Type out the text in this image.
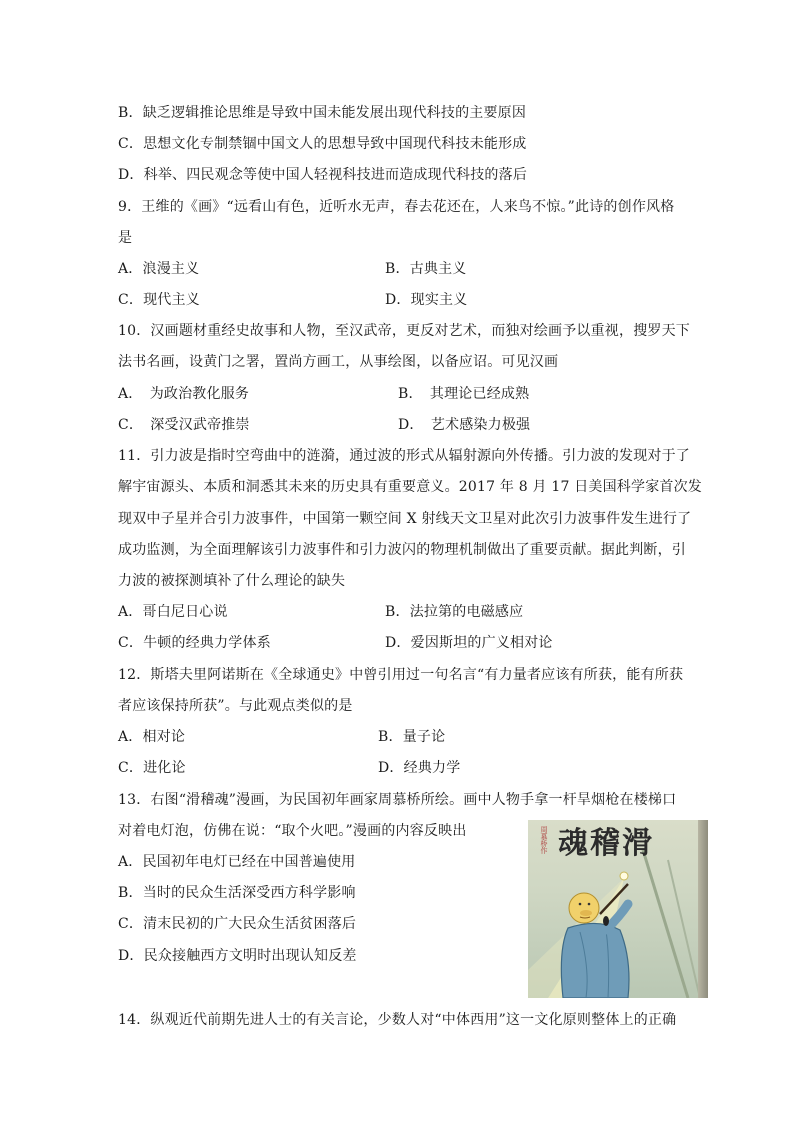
B．缺乏逻辑推论思维是导致中国未能发展出现代科技的主要原因
C．思想文化专制禁锢中国文人的思想导致中国现代科技未能形成
D．科举、四民观念等使中国人轻视科技进而造成现代科技的落后
9．王维的《画》“远看山有色，近听水无声，春去花还在，人来鸟不惊。”此诗的创作风格
是
A．浪漫主义	B．古典主义
C．现代主义	D．现实主义
10．汉画题材重经史故事和人物，至汉武帝，更反对艺术，而独对绘画予以重视，搜罗天下
法书名画，设黄门之署，置尚方画工，从事绘图，以备应诏。可见汉画
A．　为政治教化服务	B．　其理论已经成熟
C．　深受汉武帝推崇	D．　艺术感染力极强
11．引力波是指时空弯曲中的涟漪，通过波的形式从辐射源向外传播。引力波的发现对于了
解宇宙源头、本质和洞悉其未来的历史具有重要意义。2017 年 8 月 17 日美国科学家首次发
现双中子星并合引力波事件，中国第一颗空间 X 射线天文卫星对此次引力波事件发生进行了
成功监测，为全面理解该引力波事件和引力波闪的物理机制做出了重要贡献。据此判断，引
力波的被探测填补了什么理论的缺失
A．哥白尼日心说	B．法拉第的电磁感应
C．牛顿的经典力学体系	D．爱因斯坦的广义相对论
12．斯塔夫里阿诺斯在《全球通史》中曾引用过一句名言“有力量者应该有所获，能有所获
者应该保持所获”。与此观点类似的是
A．相对论	B．量子论
C．进化论	D．经典力学
13．右图“滑稽魂”漫画，为民国初年画家周慕桥所绘。画中人物手拿一杆旱烟枪在楼梯口
对着电灯泡，仿佛在说：“取个火吧。”漫画的内容反映出
A．民国初年电灯已经在中国普遍使用
B．当时的民众生活深受西方科学影响
C．清末民初的广大民众生活贫困落后
D．民众接触西方文明时出现认知反差
魂稽滑
周慕桥作
14．纵观近代前期先进人士的有关言论，少数人对“中体西用”这一文化原则整体上的正确
